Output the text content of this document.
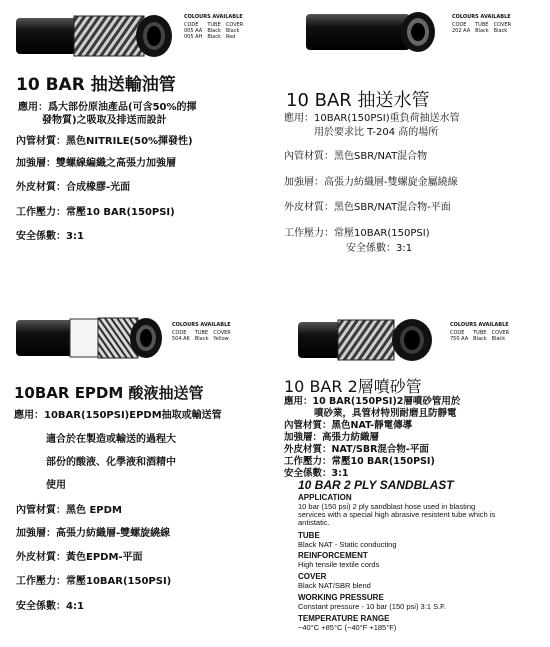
COLOURS AVAILABLE
CODE	TUBE	COVER
005 AA	Black	Black
005 AH	Black	Red
10 BAR 抽送輸油管
應用：爲大部份原油產品(可含50%的揮
發物質)之吸取及排送而設計
內管材質：黑色NITRILE(50%揮發性)
加強層：雙螺線編織之高張力加強層
外皮材質：合成橡膠-光面
工作壓力：常壓10 BAR(150PSI)
安全係數：3:1
COLOURS AVAILABLE
CODE	TUBE	COVER
202 AA	Black	Black
10 BAR 抽送水管
應用：10BAR(150PSI)重負荷抽送水管
用於要求比 T-204 高的場所
內管材質：黑色SBR/NAT混合物
加強層：高張力紡織層-雙螺旋金屬繞線
外皮材質：黑色SBR/NAT混合物-平面
工作壓力：常壓10BAR(150PSI)
安全係數：3:1
COLOURS AVAILABLE
CODE	TUBE	COVER
504 AK	Black	Yellow
10BAR EPDM 酸液抽送管
應用：10BAR(150PSI)EPDM抽取或輸送管
適合於在製造或輸送的過程大
部份的酸液、化學液和酒精中
使用
內管材質：黑色 EPDM
加強層：高張力紡織層-雙螺旋繞線
外皮材質：黃色EPDM-平面
工作壓力：常壓10BAR(150PSI)
安全係數：4:1
COLOURS AVAILABLE
CODE	TUBE	COVER
750 AA	Black	Black
10 BAR 2層噴砂管
應用：10 BAR(150PSI)2層噴砂管用於
噴砂業，具管材特別耐磨且防靜電
內管材質：黑色NAT-靜電傳導
加強層：高張力紡織層
外皮材質：NAT/SBR混合物-平面
工作壓力：常壓10 BAR(150PSI)
安全係數：3:1
10 BAR 2 PLY SANDBLAST
APPLICATION
10 bar (150 psi) 2 ply sandblast hose used in blasting
services with a special high abrasive resistent tube which is
antistatic.
TUBE
Black NAT - Static conducting
REINFORCEMENT
High tensile textile cords
COVER
Black NAT/SBR blend
WORKING PRESSURE
Constant pressure - 10 bar (150 psi) 3:1 S.F.
TEMPERATURE RANGE
−40°C +85°C (−40°F +185°F)
